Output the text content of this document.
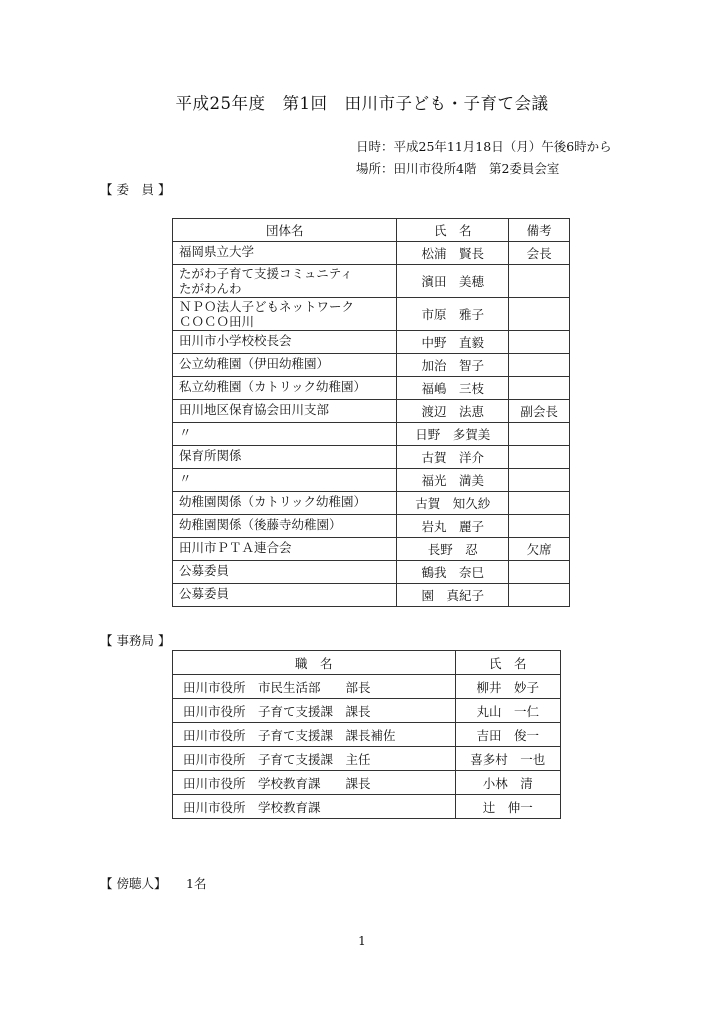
平成25年度　第1回　田川市子ども・子育て会議
日時：平成25年11月18日（月）午後6時から
場所：田川市役所4階　第2委員会室
【 委　員 】
団体名	氏　名	備考
福岡県立大学	松浦　賢長	会長
たがわ子育て支援コミュニティ
たがわんわ	濱田　美穂	
ＮＰＯ法人子どもネットワーク
ＣＯＣＯ田川	市原　雅子	
田川市小学校校長会	中野　直毅	
公立幼稚園（伊田幼稚園）	加治　智子	
私立幼稚園（カトリック幼稚園）	福嶋　三枝	
田川地区保育協会田川支部	渡辺　法恵	副会長
〃	日野　多賀美	
保育所関係	古賀　洋介	
〃	福光　満美	
幼稚園関係（カトリック幼稚園）	古賀　知久紗	
幼稚園関係（後藤寺幼稚園）	岩丸　麗子	
田川市ＰＴＡ連合会	長野　忍	欠席
公募委員	鶴我　奈巳	
公募委員	園　真紀子	
【 事務局 】
職　名	氏　名
田川市役所　市民生活部　　部長	柳井　妙子
田川市役所　子育て支援課　課長	丸山　一仁
田川市役所　子育て支援課　課長補佐	吉田　俊一
田川市役所　子育て支援課　主任	喜多村　一也
田川市役所　学校教育課　　課長	小林　清
田川市役所　学校教育課	辻　伸一
【 傍聴人】 1名
1
